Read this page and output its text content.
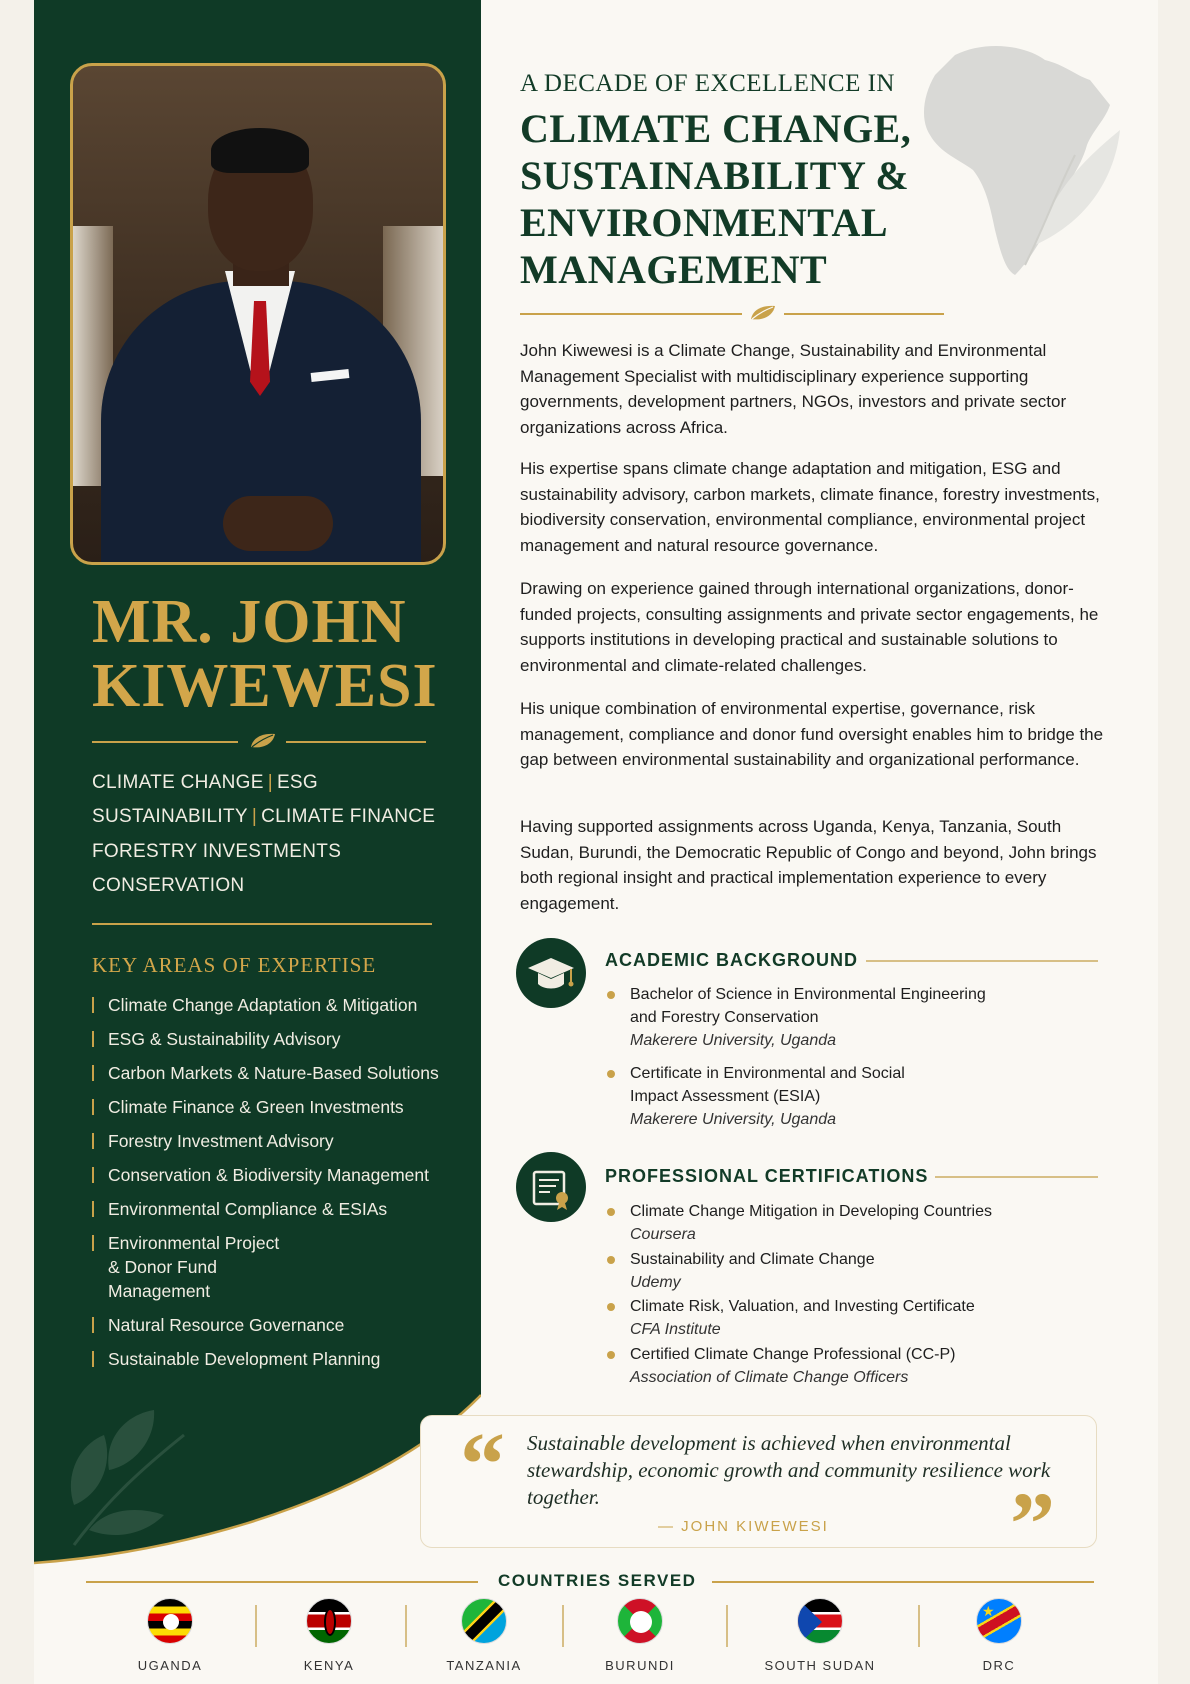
MR. JOHN
KIWEWESI
CLIMATE CHANGE | ESG
SUSTAINABILITY | CLIMATE FINANCE
FORESTRY INVESTMENTS
CONSERVATION
KEY AREAS OF EXPERTISE
Climate Change Adaptation & Mitigation
ESG & Sustainability Advisory
Carbon Markets & Nature-Based Solutions
Climate Finance & Green Investments
Forestry Investment Advisory
Conservation & Biodiversity Management
Environmental Compliance & ESIAs
Environmental Project & Donor Fund Management
Natural Resource Governance
Sustainable Development Planning
A DECADE OF EXCELLENCE IN
CLIMATE CHANGE,
SUSTAINABILITY &
ENVIRONMENTAL
MANAGEMENT

John Kiwewesi is a Climate Change, Sustainability and Environmental Management Specialist with multidisciplinary experience supporting governments, development partners, NGOs, investors and private sector organizations across Africa.

His expertise spans climate change adaptation and mitigation, ESG and sustainability advisory, carbon markets, climate finance, forestry investments, biodiversity conservation, environmental compliance, environmental project management and natural resource governance.

Drawing on experience gained through international organizations, donor-funded projects, consulting assignments and private sector engagements, he supports institutions in developing practical and sustainable solutions to environmental and climate-related challenges.

His unique combination of environmental expertise, governance, risk management, compliance and donor fund oversight enables him to bridge the gap between environmental sustainability and organizational performance.

Having supported assignments across Uganda, Kenya, Tanzania, South Sudan, Burundi, the Democratic Republic of Congo and beyond, John brings both regional insight and practical implementation experience to every engagement.

ACADEMIC BACKGROUND
Bachelor of Science in Environmental Engineering and Forestry Conservation
Makerere University, Uganda
Certificate in Environmental and Social Impact Assessment (ESIA)
Makerere University, Uganda
PROFESSIONAL CERTIFICATIONS
Climate Change Mitigation in Developing Countries
Coursera
Sustainability and Climate Change
Udemy
Climate Risk, Valuation, and Investing Certificate
CFA Institute
Certified Climate Change Professional (CC-P)
Association of Climate Change Officers
“ Sustainable development is achieved when environmental stewardship, economic growth and community resilience work together.
— JOHN KIWEWESI ”
COUNTRIES SERVED
UGANDA	KENYA	TANZANIA	BURUNDI	SOUTH SUDAN
★
DRC
